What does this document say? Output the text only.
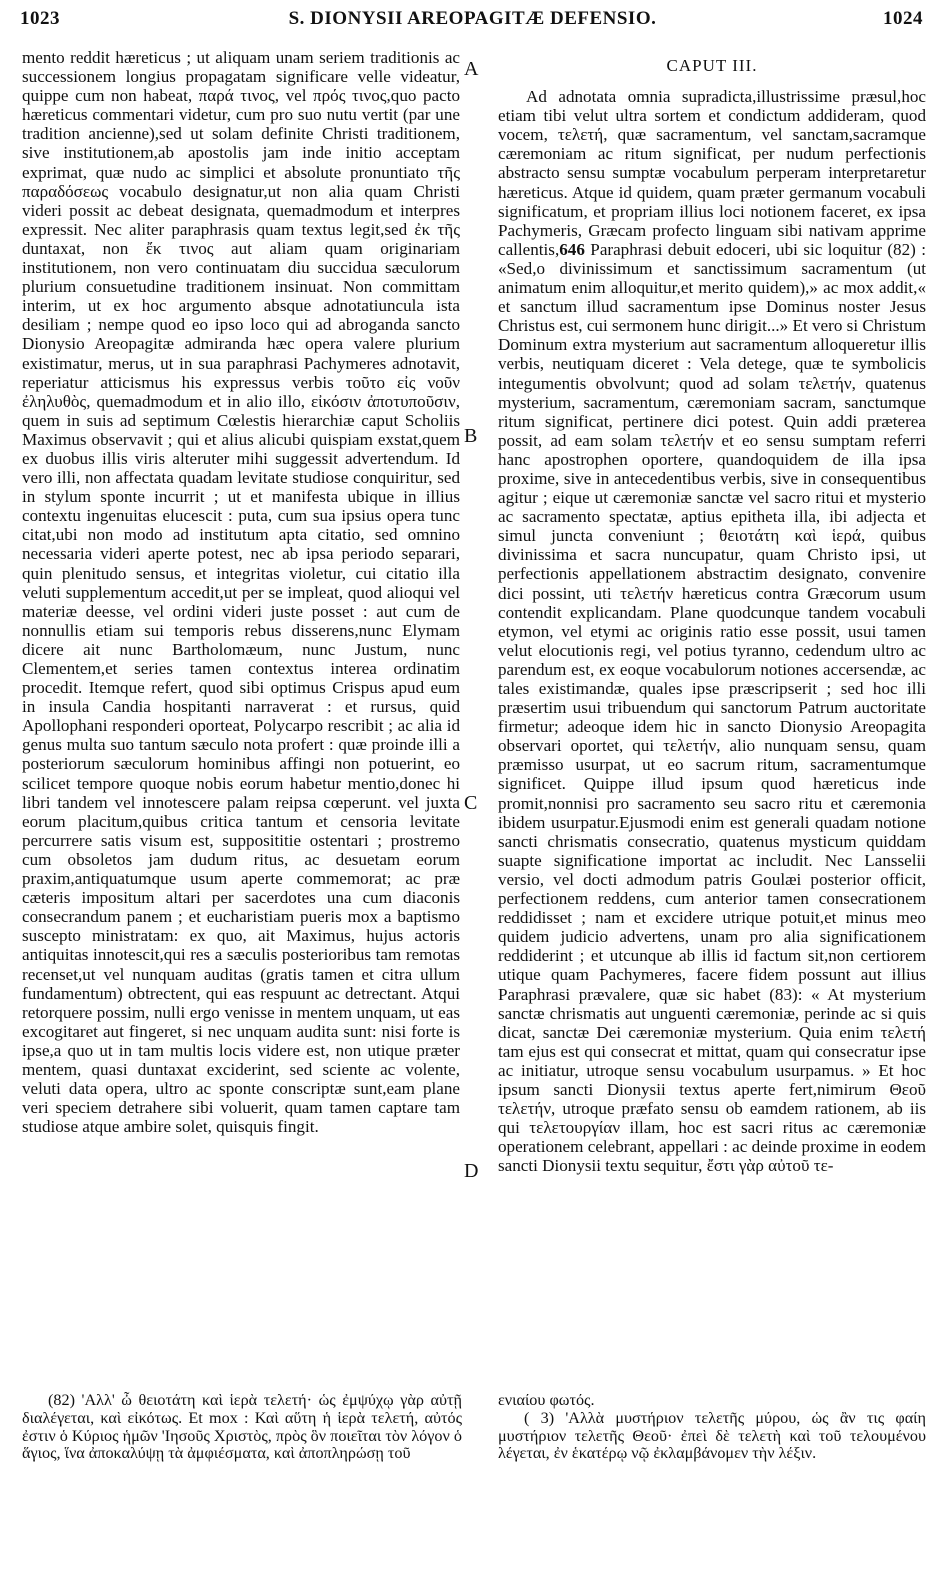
1023	S. DIONYSII AREOPAGITÆ DEFENSIO.	1024
A
B
C
D

mento reddit hæreticus ; ut aliquam unam seriem traditionis ac successionem longius propagatam significare velle videatur, quippe cum non habeat, παρά τινος, vel πρός τινος,quo pacto hæreticus commentari videtur, cum pro suo nutu vertit (par une tradition ancienne),sed ut solam definite Christi traditionem, sive institutionem,ab apostolis jam inde initio acceptam exprimat, quæ nudo ac simplici et absolute pronuntiato τῆς παραδόσεως vocabulo designatur,ut non alia quam Christi videri possit ac debeat designata, quemadmodum et interpres expressit. Nec aliter paraphrasis quam textus legit,sed ἐκ τῆς duntaxat, non ἔκ τινος aut aliam quam originariam institutionem, non vero continuatam diu succidua sæculorum plurium consuetudine traditionem insinuat. Non committam interim, ut ex hoc argumento absque adnotatiuncula ista desiliam ; nempe quod eo ipso loco qui ad abroganda sancto Dionysio Areopagitæ admiranda hæc opera valere plurium existimatur, merus, ut in sua paraphrasi Pachymeres adnotavit, reperiatur atticismus his expressus verbis τοῦτο εἰς νοῦν ἐληλυθὸς, quemadmodum et in alio illo, εἰκόσιν ἀποτυποῦσιν, quem in suis ad septimum Cœlestis hierarchiæ caput Scholiis Maximus observavit ; qui et alius alicubi quispiam exstat,quem ex duobus illis viris alteruter mihi suggessit advertendum. Id vero illi, non affectata quadam levitate studiose conquiritur, sed in stylum sponte incurrit ; ut et manifesta ubique in illius contextu ingenuitas elucescit : puta, cum sua ipsius opera tunc citat,ubi non modo ad institutum apta citatio, sed omnino necessaria videri aperte potest, nec ab ipsa periodo separari, quin plenitudo sensus, et integritas violetur, cui citatio illa veluti supplementum accedit,ut per se impleat, quod alioqui vel materiæ deesse, vel ordini videri juste posset : aut cum de nonnullis etiam sui temporis rebus disserens,nunc Elymam dicere ait nunc Bartholomæum, nunc Justum, nunc Clementem,et series tamen contextus interea ordinatim procedit. Itemque refert, quod sibi optimus Crispus apud eum in insula Candia hospitanti narraverat : et rursus, quid Apollophani responderi oporteat, Polycarpo rescribit ; ac alia id genus multa suo tantum sæculo nota profert : quæ proinde illi a posteriorum sæculorum hominibus affingi non potuerint, eo scilicet tempore quoque nobis eorum habetur mentio,donec hi libri tandem vel innotescere palam reipsa cœperunt. vel juxta eorum placitum,quibus critica tantum et censoria levitate percurrere satis visum est, supposititie ostentari ; prostremo cum obsoletos jam dudum ritus, ac desuetam eorum praxim,antiquatumque usum aperte commemorat; ac præ cæteris impositum altari per sacerdotes una cum diaconis consecrandum panem ; et eucharistiam pueris mox a baptismo suscepto ministratam: ex quo, ait Maximus, hujus actoris antiquitas innotescit,qui res a sæculis posterioribus tam remotas recenset,ut vel nunquam auditas (gratis tamen et citra ullum fundamentum) obtrectent, qui eas respuunt ac detrectant. Atqui retorquere possim, nulli ergo venisse in mentem unquam, ut eas excogitaret aut fingeret, si nec unquam audita sunt: nisi forte is ipse,a quo ut in tam multis locis videre est, non utique præter mentem, quasi duntaxat exciderint, sed sciente ac volente, veluti data opera, ultro ac sponte conscriptæ sunt,eam plane veri speciem detrahere sibi voluerit, quam tamen captare tam studiose atque ambire solet, quisquis fingit.

CAPUT III.

Ad adnotata omnia supradicta,illustrissime præsul,hoc etiam tibi velut ultra sortem et condictum addideram, quod vocem, τελετή, quæ sacramentum, vel sanctam,sacramque cæremoniam ac ritum significat, per nudum perfectionis abstracto sensu sumptæ vocabulum perperam interpretaretur hæreticus. Atque id quidem, quam præter germanum vocabuli significatum, et propriam illius loci notionem faceret, ex ipsa Pachymeris, Græcam profecto linguam sibi nativam apprime callentis,646 Paraphrasi debuit edoceri, ubi sic loquitur (82) : «Sed,o divinissimum et sanctissimum sacramentum (ut animatum enim alloquitur,et merito quidem),» ac mox addit,« et sanctum illud sacramentum ipse Dominus noster Jesus Christus est, cui sermonem hunc dirigit...» Et vero si Christum Dominum extra mysterium aut sacramentum alloqueretur illis verbis, neutiquam diceret : Vela detege, quæ te symbolicis integumentis obvolvunt; quod ad solam τελετήν, quatenus mysterium, sacramentum, cæremoniam sacram, sanctumque ritum significat, pertinere dici potest. Quin addi præterea possit, ad eam solam τελετήν et eo sensu sumptam referri hanc apostrophen oportere, quandoquidem de illa ipsa proxime, sive in antecedentibus verbis, sive in consequentibus agitur ; eique ut cæremoniæ sanctæ vel sacro ritui et mysterio ac sacramento spectatæ, aptius epitheta illa, ibi adjecta et simul juncta conveniunt ; θειοτάτη καὶ ἱερά, quibus divinissima et sacra nuncupatur, quam Christo ipsi, ut perfectionis appellationem abstractim designato, convenire dici possint, uti τελετήν hæreticus contra Græcorum usum contendit explicandam. Plane quodcunque tandem vocabuli etymon, vel etymi ac originis ratio esse possit, usui tamen velut elocutionis regi, vel potius tyranno, cedendum ultro ac parendum est, ex eoque vocabulorum notiones accersendæ, ac tales existimandæ, quales ipse præscripserit ; sed hoc illi præsertim usui tribuendum qui sanctorum Patrum auctoritate firmetur; adeoque idem hic in sancto Dionysio Areopagita observari oportet, qui τελετήν, alio nunquam sensu, quam præmisso usurpat, ut eo sacrum ritum, sacramentumque significet. Quippe illud ipsum quod hæreticus inde promit,nonnisi pro sacramento seu sacro ritu et cæremonia ibidem usurpatur.Ejusmodi enim est generali quadam notione sancti chrismatis consecratio, quatenus mysticum quiddam suapte significatione importat ac includit. Nec Lansselii versio, vel docti admodum patris Goulæi posterior officit, perfectionem reddens, cum anterior tamen consecrationem reddidisset ; nam et excidere utrique potuit,et minus meo quidem judicio advertens, unam pro alia significationem reddiderint ; et utcunque ab illis id factum sit,non certiorem utique quam Pachymeres, facere fidem possunt aut illius Paraphrasi prævalere, quæ sic habet (83): « At mysterium sanctæ chrismatis aut unguenti cæremoniæ, perinde ac si quis dicat, sanctæ Dei cæremoniæ mysterium. Quia enim τελετή tam ejus est qui consecrat et mittat, quam qui consecratur ipse ac initiatur, utroque sensu vocabulum usurpamus. » Et hoc ipsum sancti Dionysii textus aperte fert,nimirum Θεοῦ τελετήν, utroque præfato sensu ob eamdem rationem, ab iis qui τελετουργίαν illam, hoc est sacri ritus ac cæremoniæ operationem celebrant, appellari : ac deinde proxime in eodem sancti Dionysii textu sequitur, ἔστι γὰρ αὐτοῦ τε-

(82) 'Αλλ' ὦ θειοτάτη καὶ ἱερὰ τελετή· ὡς ἐμψύχῳ γὰρ αὐτῇ διαλέγεται, καὶ εἰκότως. Et mox : Καὶ αὕτη ἡ ἱερὰ τελετή, αὐτός ἐστιν ὁ Κύριος ἡμῶν 'Ιησοῦς Χριστὸς, πρὸς ὃν ποιεῖται τὸν λόγον ὁ ἅγιος, ἵνα ἀποκαλύψῃ τὰ ἀμφιέσματα, καὶ ἀποπληρώσῃ τοῦ

ενιαίου φωτός.

( 3) 'Αλλὰ μυστήριον τελετῆς μύρου, ὡς ἂν τις φαίη μυστήριον τελετῆς Θεοῦ· ἐπεὶ δὲ τελετὴ καὶ τοῦ τελουμένου λέγεται, ἐν ἑκατέρῳ νῷ ἐκλαμβάνομεν τὴν λέξιν.
